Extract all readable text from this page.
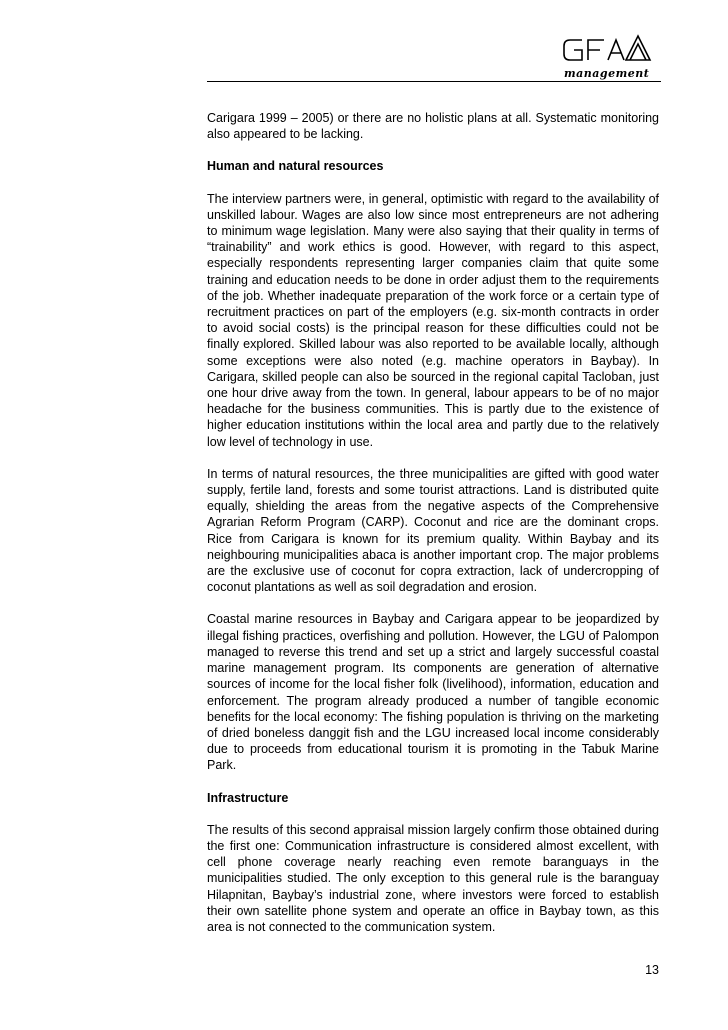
management

Carigara 1999 – 2005) or there are no holistic plans at all. Systematic monitoring also appeared to be lacking.

Human and natural resources

The interview partners were, in general, optimistic with regard to the availability of unskilled labour. Wages are also low since most entrepreneurs are not adhering to minimum wage legislation. Many were also saying that their quality in terms of “trainability” and work ethics is good. However, with regard to this aspect, especially respondents representing larger companies claim that quite some training and education needs to be done in order adjust them to the requirements of the job. Whether inadequate preparation of the work force or a certain type of recruitment practices on part of the employers (e.g. six-month contracts in order to avoid social costs) is the principal reason for these difficulties could not be finally explored. Skilled labour was also reported to be available locally, although some exceptions were also noted (e.g. machine operators in Baybay). In Carigara, skilled people can also be sourced in the regional capital Tacloban, just one hour drive away from the town. In general, labour appears to be of no major headache for the business communities. This is partly due to the existence of higher education institutions within the local area and partly due to the relatively low level of technology in use.

In terms of natural resources, the three municipalities are gifted with good water supply, fertile land, forests and some tourist attractions. Land is distributed quite equally, shielding the areas from the negative aspects of the Comprehensive Agrarian Reform Program (CARP). Coconut and rice are the dominant crops. Rice from Carigara is known for its premium quality. Within Baybay and its neighbouring municipalities abaca is another important crop. The major problems are the exclusive use of coconut for copra extraction, lack of undercropping of coconut plantations as well as soil degradation and erosion.

Coastal marine resources in Baybay and Carigara appear to be jeopardized by illegal fishing practices, overfishing and pollution. However, the LGU of Palompon managed to reverse this trend and set up a strict and largely successful coastal marine management program. Its components are generation of alternative sources of income for the local fisher folk (livelihood), information, education and enforcement. The program already produced a number of tangible economic benefits for the local economy: The fishing population is thriving on the marketing of dried boneless danggit fish and the LGU increased local income considerably due to proceeds from educational tourism it is promoting in the Tabuk Marine Park.

Infrastructure

The results of this second appraisal mission largely confirm those obtained during the first one: Communication infrastructure is considered almost excellent, with cell phone coverage nearly reaching even remote baranguays in the municipalities studied. The only exception to this general rule is the baranguay Hilapnitan, Baybay’s industrial zone, where investors were forced to establish their own satellite phone system and operate an office in Baybay town, as this area is not connected to the communication system.

13
